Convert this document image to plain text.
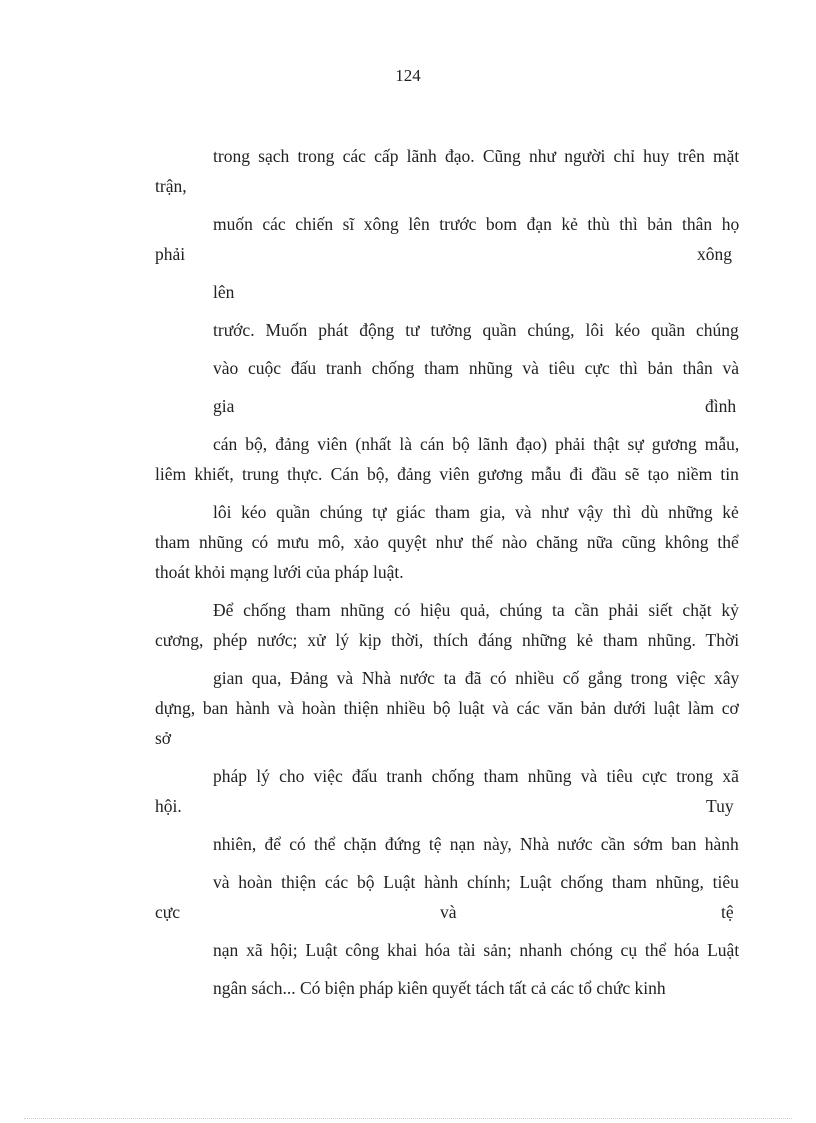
124
trong sạch trong các cấp lãnh đạo. Cũng như người chỉ huy trên mặt
trận,
muốn các chiến sĩ xông lên trước bom đạn kẻ thù thì bản thân họ
phải	xông
lên
trước. Muốn phát động tư tưởng quần chúng, lôi kéo quần chúng
vào cuộc đấu tranh chống tham nhũng và tiêu cực thì bản thân và
gia	đình
cán bộ, đảng viên (nhất là cán bộ lãnh đạo) phải thật sự gương mẫu,
liêm khiết, trung thực. Cán bộ, đảng viên gương mẫu đi đầu sẽ tạo niềm tin
lôi kéo quần chúng tự giác tham gia, và như vậy thì dù những kẻ
tham nhũng có mưu mô, xảo quyệt như thế nào chăng nữa cũng không thể
thoát khỏi mạng lưới của pháp luật.
Để chống tham nhũng có hiệu quả, chúng ta cần phải siết chặt kỷ
cương, phép nước; xử lý kịp thời, thích đáng những kẻ tham nhũng. Thời
gian qua, Đảng và Nhà nước ta đã có nhiều cố gắng trong việc xây
dựng, ban hành và hoàn thiện nhiều bộ luật và các văn bản dưới luật làm cơ
sở
pháp lý cho việc đấu tranh chống tham nhũng và tiêu cực trong xã
hội.	Tuy
nhiên, để có thể chặn đứng tệ nạn này, Nhà nước cần sớm ban hành
và hoàn thiện các bộ Luật hành chính; Luật chống tham nhũng, tiêu
cực	và	tệ
nạn xã hội; Luật công khai hóa tài sản; nhanh chóng cụ thể hóa Luật
ngân sách... Có biện pháp kiên quyết tách tất cả các tổ chức kinh
